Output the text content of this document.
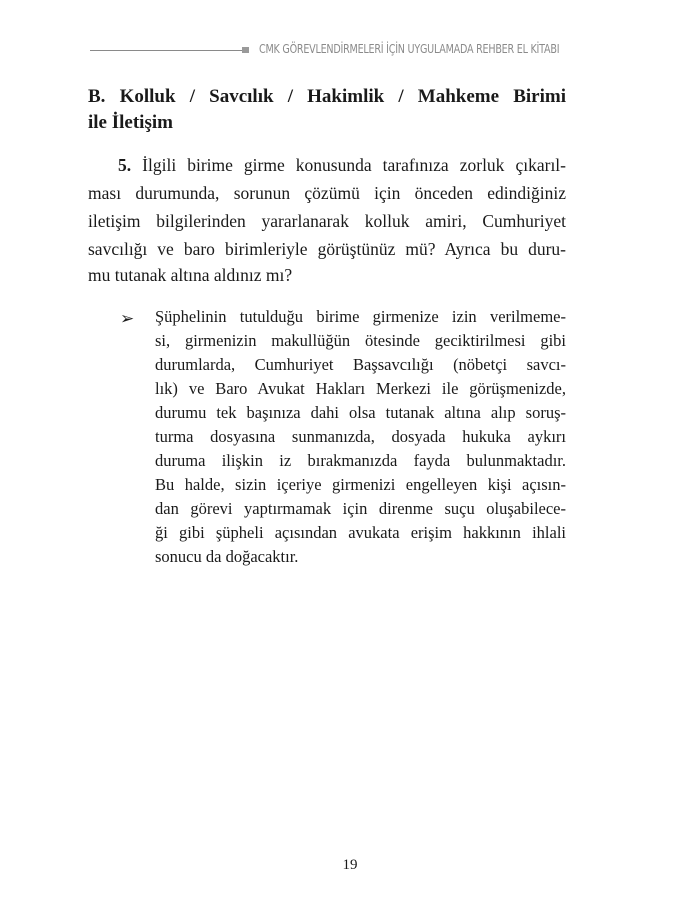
CMK GÖREVLENDİRMELERİ İÇİN UYGULAMADA REHBER EL KİTABI
B. Kolluk / Savcılık / Hakimlik / Mahkeme Birimi
ile İletişim
5. İlgili birime girme konusunda tarafınıza zorluk çıkarıl-
ması durumunda, sorunun çözümü için önceden edindiğiniz
iletişim bilgilerinden yararlanarak kolluk amiri, Cumhuriyet
savcılığı ve baro birimleriyle görüştünüz mü? Ayrıca bu duru-
mu tutanak altına aldınız mı?
➢ Şüphelinin tutulduğu birime girmenize izin verilmeme-
si, girmenizin makullüğün ötesinde geciktirilmesi gibi
durumlarda, Cumhuriyet Başsavcılığı (nöbetçi savcı-
lık) ve Baro Avukat Hakları Merkezi ile görüşmenizde,
durumu tek başınıza dahi olsa tutanak altına alıp soruş-
turma dosyasına sunmanızda, dosyada hukuka aykırı
duruma ilişkin iz bırakmanızda fayda bulunmaktadır.
Bu halde, sizin içeriye girmenizi engelleyen kişi açısın-
dan görevi yaptırmamak için direnme suçu oluşabilece-
ği gibi şüpheli açısından avukata erişim hakkının ihlali
sonucu da doğacaktır.
19
